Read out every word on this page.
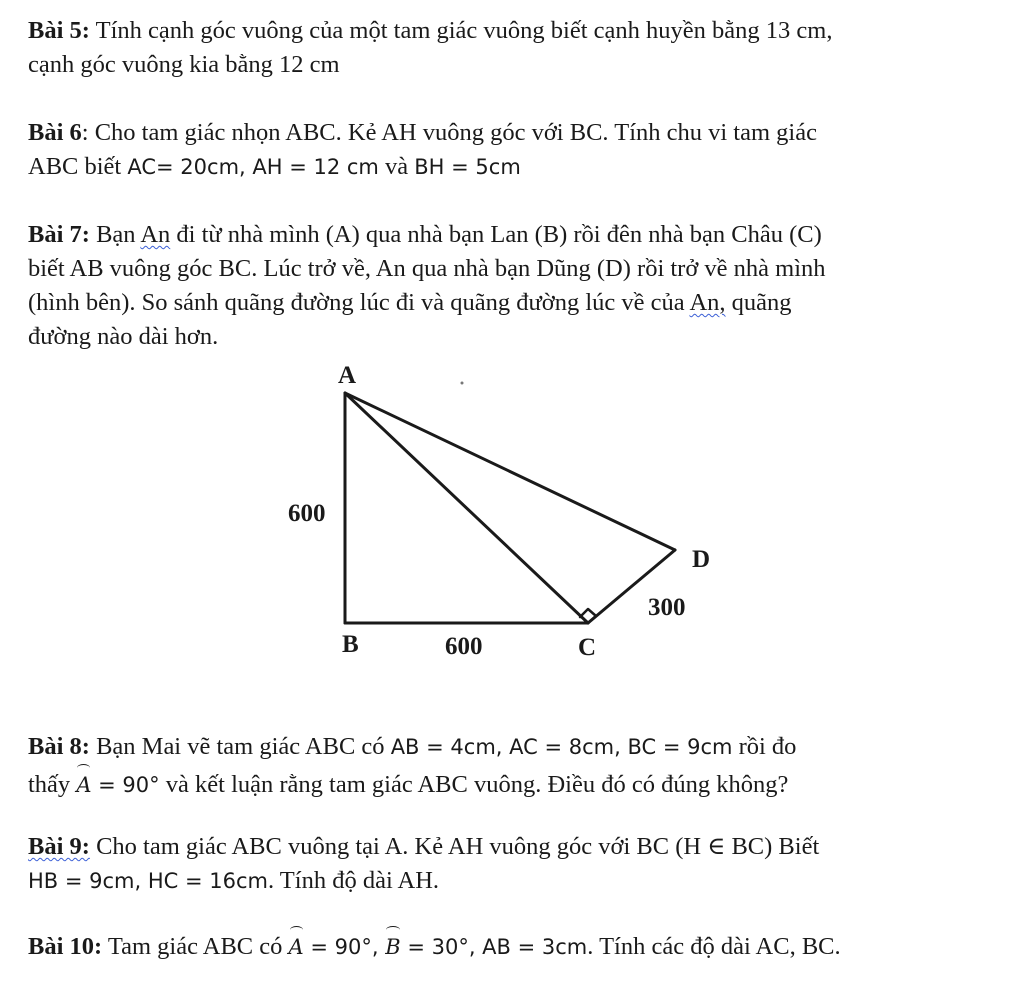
Bài 5: Tính cạnh góc vuông của một tam giác vuông biết cạnh huyền bằng 13 cm,
cạnh góc vuông kia bằng 12 cm
Bài 6: Cho tam giác nhọn ABC. Kẻ AH vuông góc với BC. Tính chu vi tam giác
ABC biết AC= 20cm, AH = 12 cm và BH = 5cm
Bài 7: Bạn An đi từ nhà mình (A) qua nhà bạn Lan (B) rồi đên nhà bạn Châu (C)
biết AB vuông góc BC. Lúc trở về, An qua nhà bạn Dũng (D) rồi trở về nhà mình
(hình bên). So sánh quãng đường lúc đi và quãng đường lúc về của An, quãng
đường nào dài hơn.
A
B	C
D
600
600
300
Bài 8: Bạn Mai vẽ tam giác ABC có AB = 4cm, AC = 8cm, BC = 9cm rồi đo
thấy A = 90° và kết luận rằng tam giác ABC vuông. Điều đó có đúng không?
Bài 9: Cho tam giác ABC vuông tại A. Kẻ AH vuông góc với BC (H ∈ BC) Biết
HB = 9cm, HC = 16cm. Tính độ dài AH.
Bài 10: Tam giác ABC có A = 90°, B = 30°, AB = 3cm. Tính các độ dài AC, BC.
